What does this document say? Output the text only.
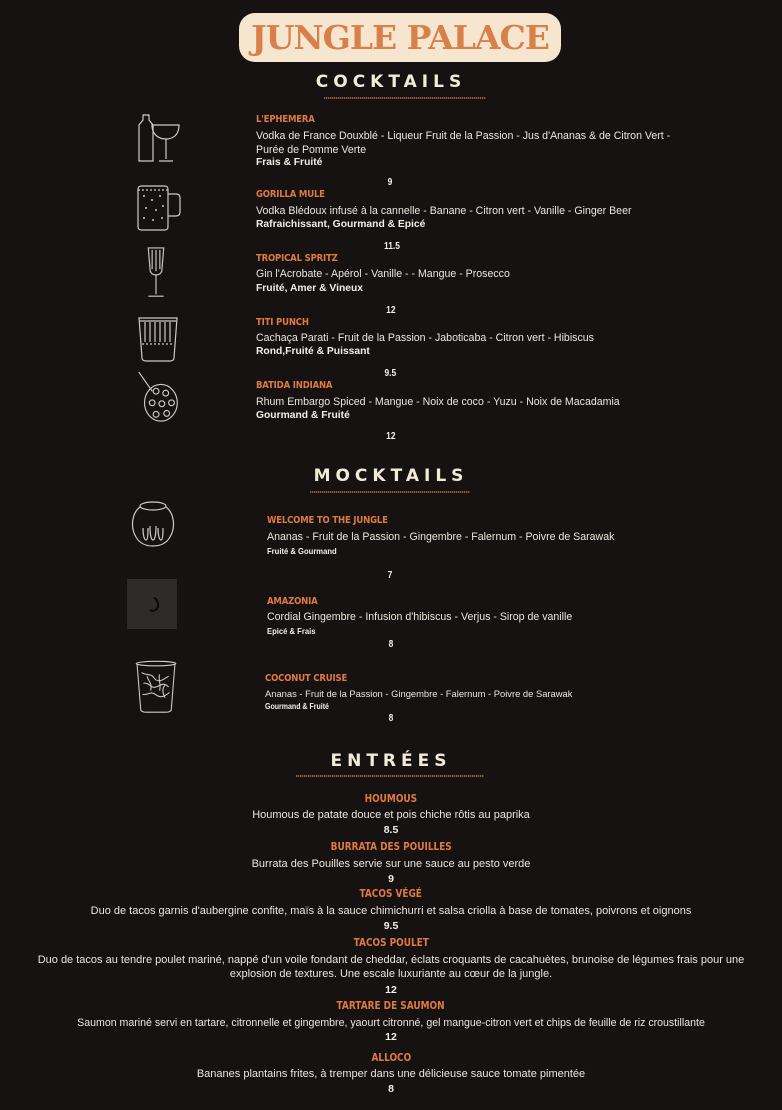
JUNGLE PALACE
COCKTAILS
L'EPHEMERA
Vodka de France Douxblé - Liqueur Fruit de la Passion - Jus d'Ananas & de Citron Vert - Purée de Pomme Verte
Frais & Fruité
9
GORILLA MULE
Vodka Blédoux infusé à la cannelle - Banane - Citron vert - Vanille - Ginger Beer
Rafraichissant, Gourmand & Epicé
11.5
TROPICAL SPRITZ
Gin l'Acrobate - Apérol - Vanille - - Mangue - Prosecco
Fruité, Amer & Vineux
12
TITI PUNCH
Cachaça Parati - Fruit de la Passion - Jaboticaba - Citron vert - Hibiscus
Rond,Fruité & Puissant
9.5
BATIDA INDIANA
Rhum Embargo Spiced - Mangue - Noix de coco - Yuzu - Noix de Macadamia
Gourmand & Fruité
12
MOCKTAILS
WELCOME TO THE JUNGLE
Ananas - Fruit de la Passion - Gingembre - Falernum - Poivre de Sarawak
Fruité & Gourmand
7
AMAZONIA
Cordial Gingembre - Infusion d'hibiscus - Verjus - Sirop de vanille
Epicé & Frais
8
COCONUT CRUISE
Ananas - Fruit de la Passion - Gingembre - Falernum - Poivre de Sarawak
Gourmand & Fruité
8
ENTRÉES
HOUMOUS
Houmous de patate douce et pois chiche rôtis au paprika
8.5
BURRATA DES POUILLES
Burrata des Pouilles servie sur une sauce au pesto verde
9
TACOS VÉGÉ
Duo de tacos garnis d'aubergine confite, maïs à la sauce chimichurri et salsa criolla à base de tomates, poivrons et oignons
9.5
TACOS POULET
Duo de tacos au tendre poulet mariné, nappé d'un voile fondant de cheddar, éclats croquants de cacahuètes, brunoise de légumes frais pour une explosion de textures. Une escale luxuriante au cœur de la jungle.
12
TARTARE DE SAUMON
Saumon mariné servi en tartare, citronnelle et gingembre, yaourt citronné, gel mangue-citron vert et chips de feuille de riz croustillante
12
ALLOCO
Bananes plantains frites, à tremper dans une délicieuse sauce tomate pimentée
8
